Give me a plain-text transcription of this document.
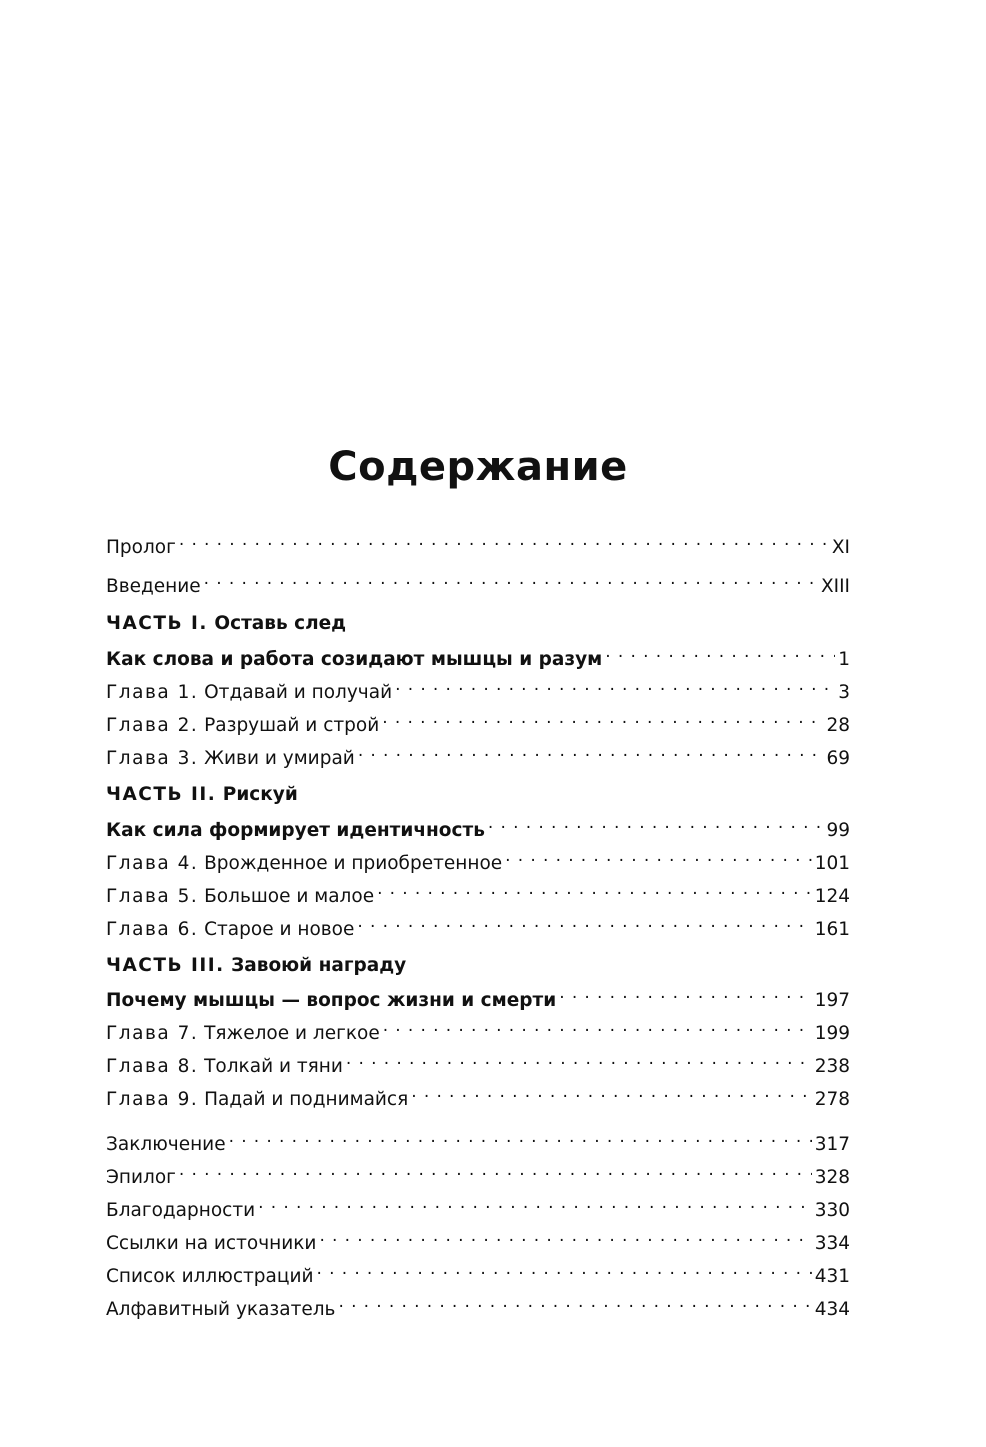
Содержание
Пролог . . .	XI
Введение . . .	XIII
ЧАСТЬ I. Оставь след
Как слова и работа созидают мышцы и разум . . .	1
Глава 1. Отдавай и получай . . .	3
Глава 2. Разрушай и строй . . .	28
Глава 3. Живи и умирай . . .	69
ЧАСТЬ II. Рискуй
Как сила формирует идентичность . . .	99
Глава 4. Врожденное и приобретенное . . .	101
Глава 5. Большое и малое . . .	124
Глава 6. Старое и новое . . .	161
ЧАСТЬ III. Завоюй награду
Почему мышцы — вопрос жизни и смерти . . .	197
Глава 7. Тяжелое и легкое . . .	199
Глава 8. Толкай и тяни . . .	238
Глава 9. Падай и поднимайся . . .	278
Заключение . . .	317
Эпилог . . .	328
Благодарности . . .	330
Ссылки на источники . . .	334
Список иллюстраций . . .	431
Алфавитный указатель . . .	434
